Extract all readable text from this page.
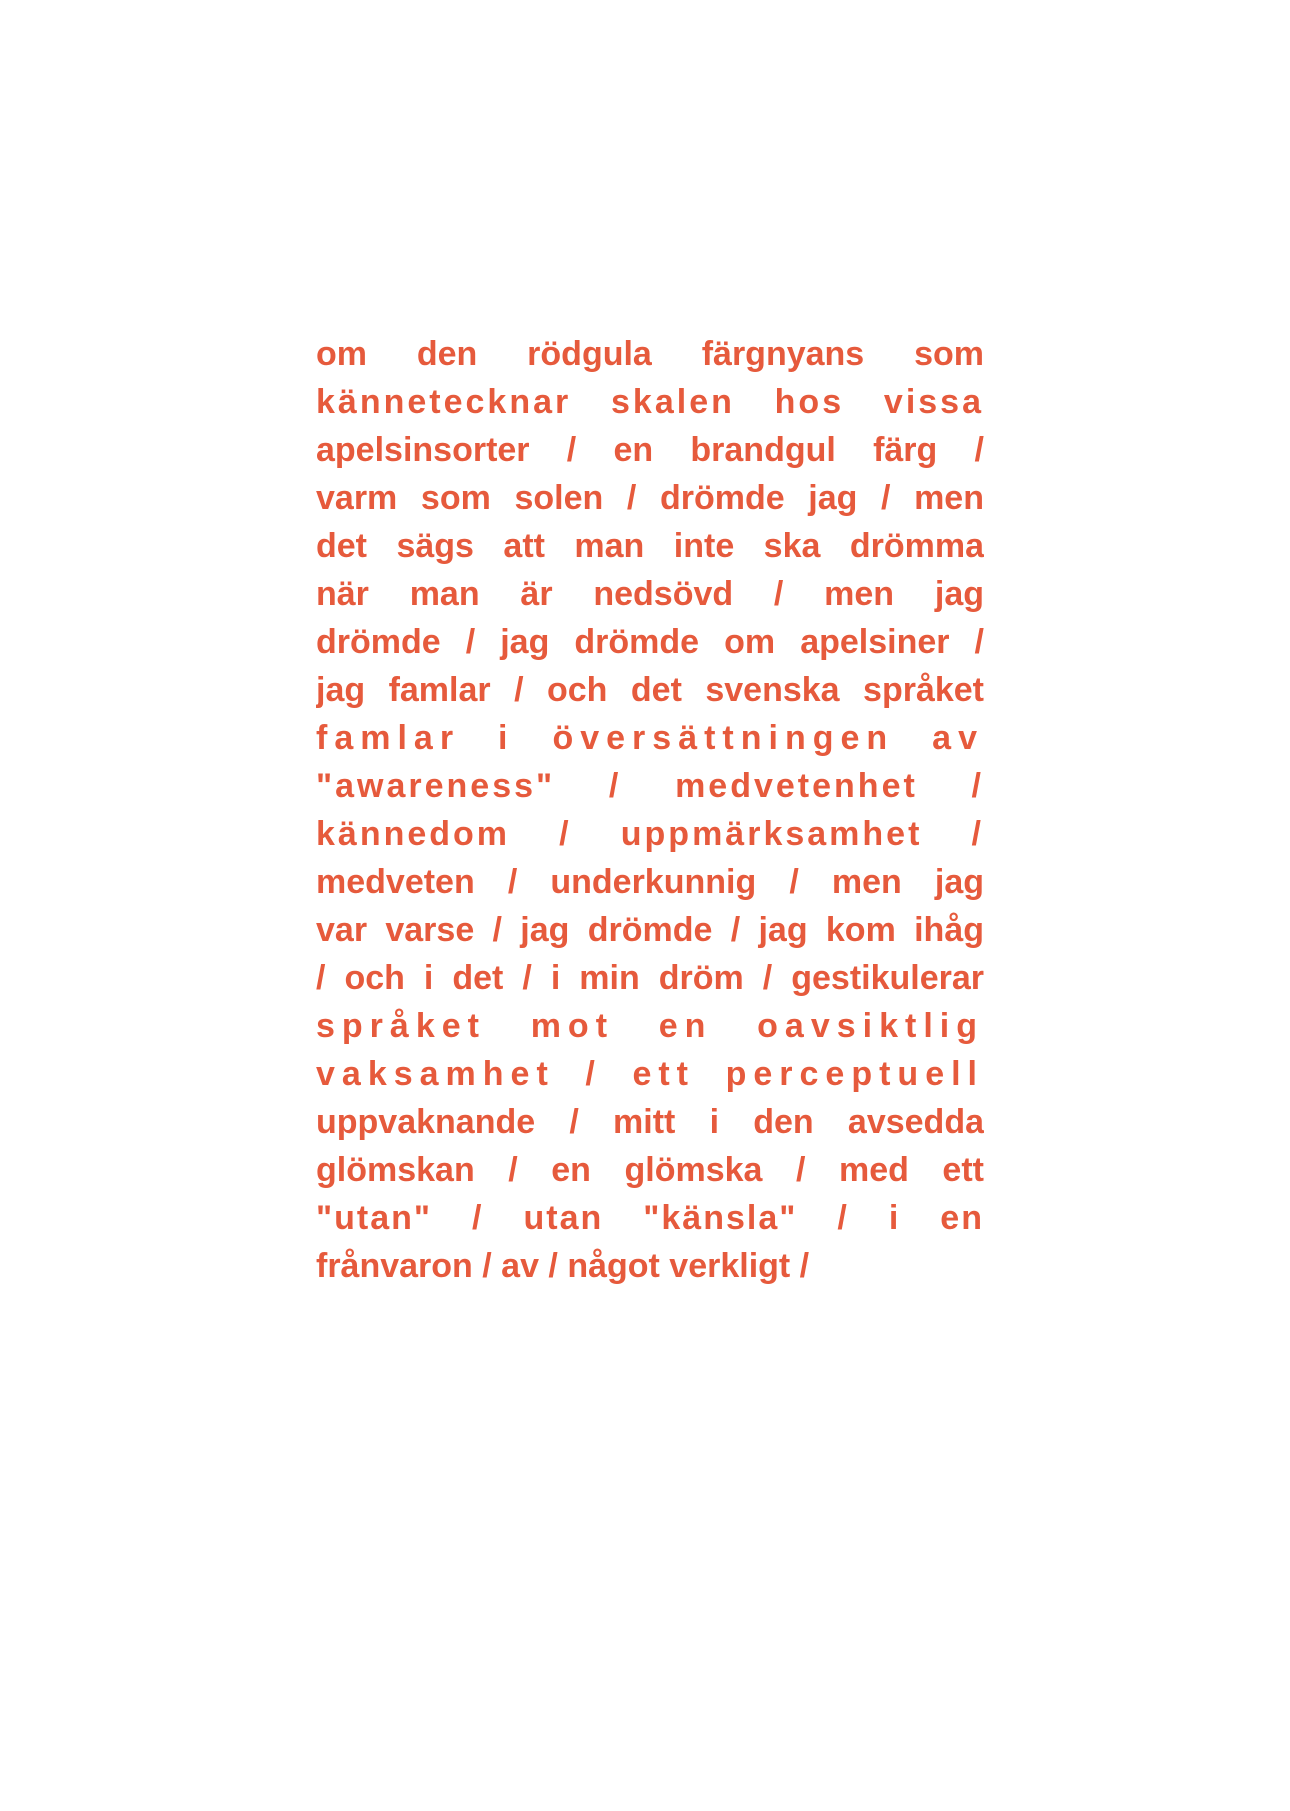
om den rödgula färgnyans som
kännetecknar skalen hos vissa
apelsinsorter / en brandgul färg /
varm som solen / drömde jag / men
det sägs att man inte ska drömma
när man är nedsövd / men jag
drömde / jag drömde om apelsiner /
jag famlar / och det svenska språket
famlar i översättningen av
"awareness" / medvetenhet /
kännedom / uppmärksamhet /
medveten / underkunnig / men jag
var varse / jag drömde / jag kom ihåg
/ och i det / i min dröm / gestikulerar
språket mot en oavsiktlig
vaksamhet / ett perceptuell
uppvaknande / mitt i den avsedda
glömskan / en glömska / med ett
"utan" / utan "känsla" / i en
frånvaron / av / något verkligt /
